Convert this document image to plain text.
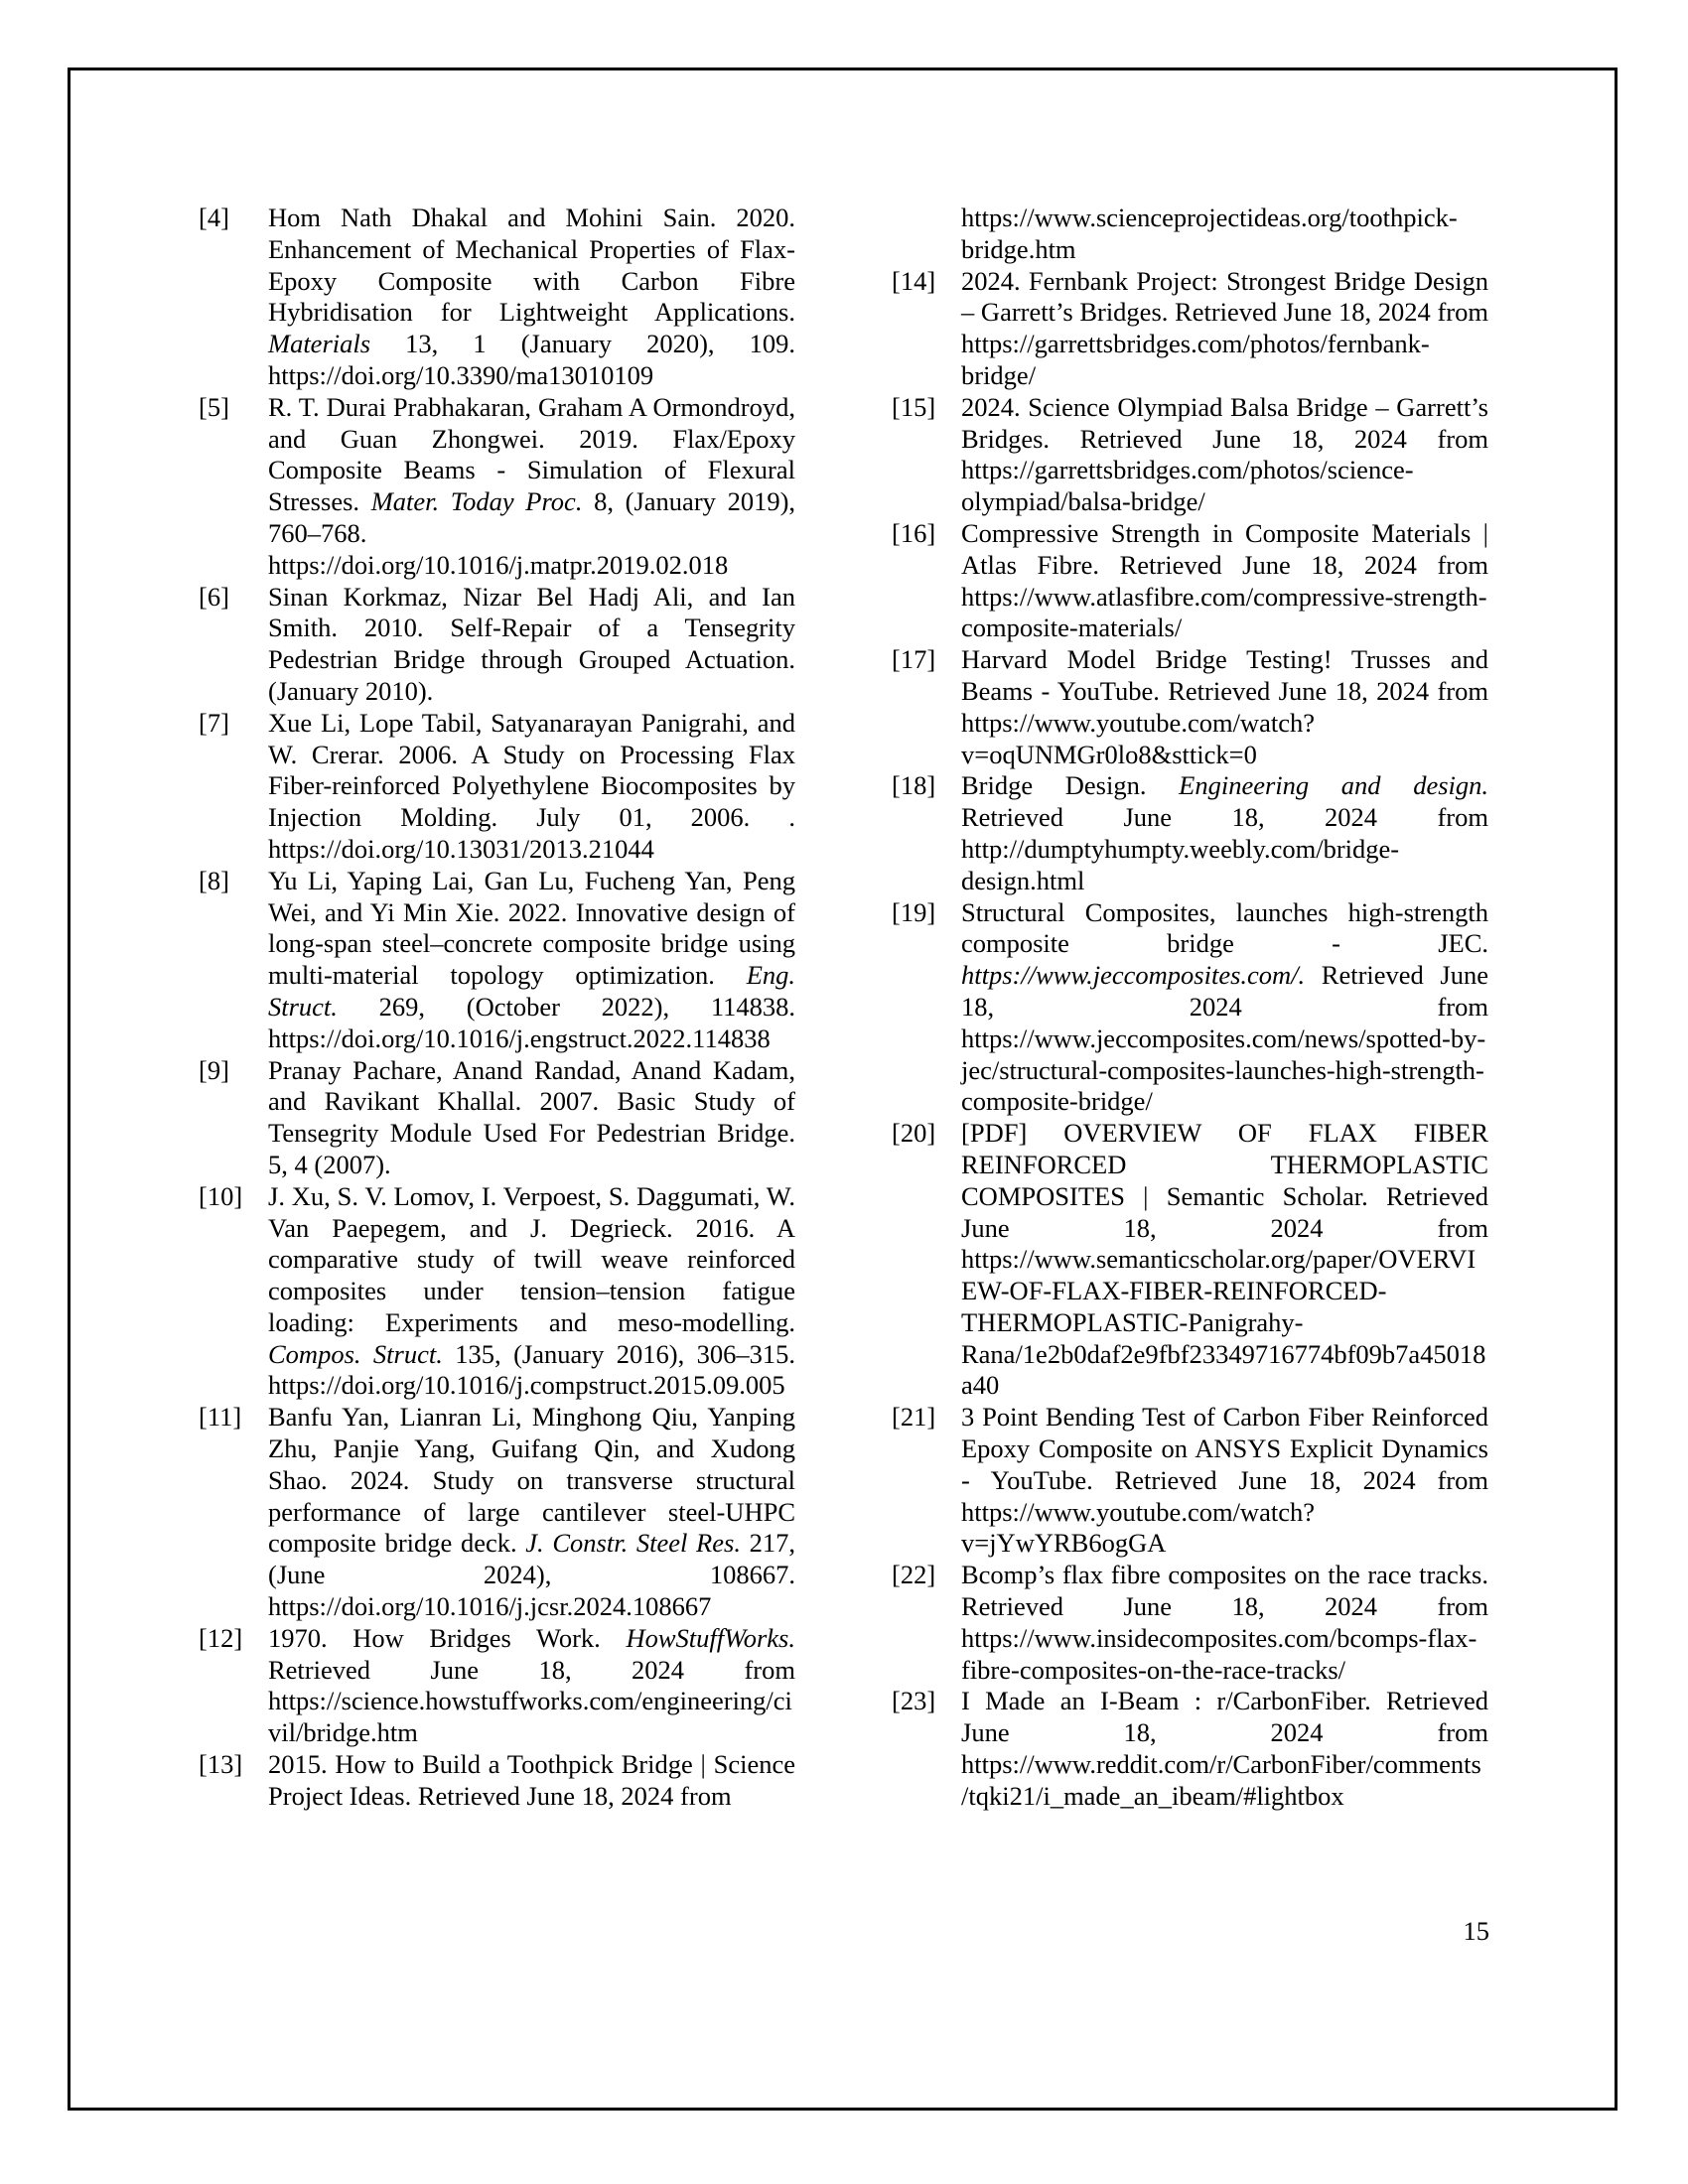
[4] Hom Nath Dhakal and Mohini Sain. 2020. Enhancement of Mechanical Properties of Flax-Epoxy Composite with Carbon Fibre Hybridisation for Lightweight Applications. Materials 13, 1 (January 2020), 109. https://doi.org/10.3390/ma13010109
[5] R. T. Durai Prabhakaran, Graham A Ormondroyd, and Guan Zhongwei. 2019. Flax/Epoxy Composite Beams - Simulation of Flexural Stresses. Mater. Today Proc. 8, (January 2019), 760–768. https://doi.org/10.1016/j.matpr.2019.02.018
[6] Sinan Korkmaz, Nizar Bel Hadj Ali, and Ian Smith. 2010. Self-Repair of a Tensegrity Pedestrian Bridge through Grouped Actuation. (January 2010).
[7] Xue Li, Lope Tabil, Satyanarayan Panigrahi, and W. Crerar. 2006. A Study on Processing Flax Fiber-reinforced Polyethylene Biocomposites by Injection Molding. July 01, 2006. . https://doi.org/10.13031/2013.21044
[8] Yu Li, Yaping Lai, Gan Lu, Fucheng Yan, Peng Wei, and Yi Min Xie. 2022. Innovative design of long-span steel–concrete composite bridge using multi-material topology optimization. Eng. Struct. 269, (October 2022), 114838. https://doi.org/10.1016/j.engstruct.2022.114838
[9] Pranay Pachare, Anand Randad, Anand Kadam, and Ravikant Khallal. 2007. Basic Study of Tensegrity Module Used For Pedestrian Bridge. 5, 4 (2007).
[10] J. Xu, S. V. Lomov, I. Verpoest, S. Daggumati, W. Van Paepegem, and J. Degrieck. 2016. A comparative study of twill weave reinforced composites under tension–tension fatigue loading: Experiments and meso-modelling. Compos. Struct. 135, (January 2016), 306–315. https://doi.org/10.1016/j.compstruct.2015.09.005
[11] Banfu Yan, Lianran Li, Minghong Qiu, Yanping Zhu, Panjie Yang, Guifang Qin, and Xudong Shao. 2024. Study on transverse structural performance of large cantilever steel-UHPC composite bridge deck. J. Constr. Steel Res. 217, (June 2024), 108667. https://doi.org/10.1016/j.jcsr.2024.108667
[12] 1970. How Bridges Work. HowStuffWorks. Retrieved June 18, 2024 from https://science.howstuffworks.com/engineering/civil/bridge.htm
[13] 2015. How to Build a Toothpick Bridge | Science Project Ideas. Retrieved June 18, 2024 from
https://www.scienceprojectideas.org/toothpick-bridge.htm
[14] 2024. Fernbank Project: Strongest Bridge Design – Garrett’s Bridges. Retrieved June 18, 2024 from https://garrettsbridges.com/photos/fernbank-bridge/
[15] 2024. Science Olympiad Balsa Bridge – Garrett’s Bridges. Retrieved June 18, 2024 from https://garrettsbridges.com/photos/science-olympiad/balsa-bridge/
[16] Compressive Strength in Composite Materials | Atlas Fibre. Retrieved June 18, 2024 from https://www.atlasfibre.com/compressive-strength-composite-materials/
[17] Harvard Model Bridge Testing! Trusses and Beams - YouTube. Retrieved June 18, 2024 from https://www.youtube.com/watch?v=oqUNMGr0lo8&sttick=0
[18] Bridge Design. Engineering and design. Retrieved June 18, 2024 from http://dumptyhumpty.weebly.com/bridge-design.html
[19] Structural Composites, launches high-strength composite bridge - JEC. https://www.jeccomposites.com/. Retrieved June 18, 2024 from https://www.jeccomposites.com/news/spotted-by-jec/structural-composites-launches-high-strength-composite-bridge/
[20] [PDF] OVERVIEW OF FLAX FIBER REINFORCED THERMOPLASTIC COMPOSITES | Semantic Scholar. Retrieved June 18, 2024 from https://www.semanticscholar.org/paper/OVERVIEW-OF-FLAX-FIBER-REINFORCED-THERMOPLASTIC-Panigrahy-Rana/1e2b0daf2e9fbf23349716774bf09b7a45018a40
[21] 3 Point Bending Test of Carbon Fiber Reinforced Epoxy Composite on ANSYS Explicit Dynamics - YouTube. Retrieved June 18, 2024 from https://www.youtube.com/watch?v=jYwYRB6ogGA
[22] Bcomp’s flax fibre composites on the race tracks. Retrieved June 18, 2024 from https://www.insidecomposites.com/bcomps-flax-fibre-composites-on-the-race-tracks/
[23] I Made an I-Beam : r/CarbonFiber. Retrieved June 18, 2024 from https://www.reddit.com/r/CarbonFiber/comments/tqki21/i_made_an_ibeam/#lightbox
15
